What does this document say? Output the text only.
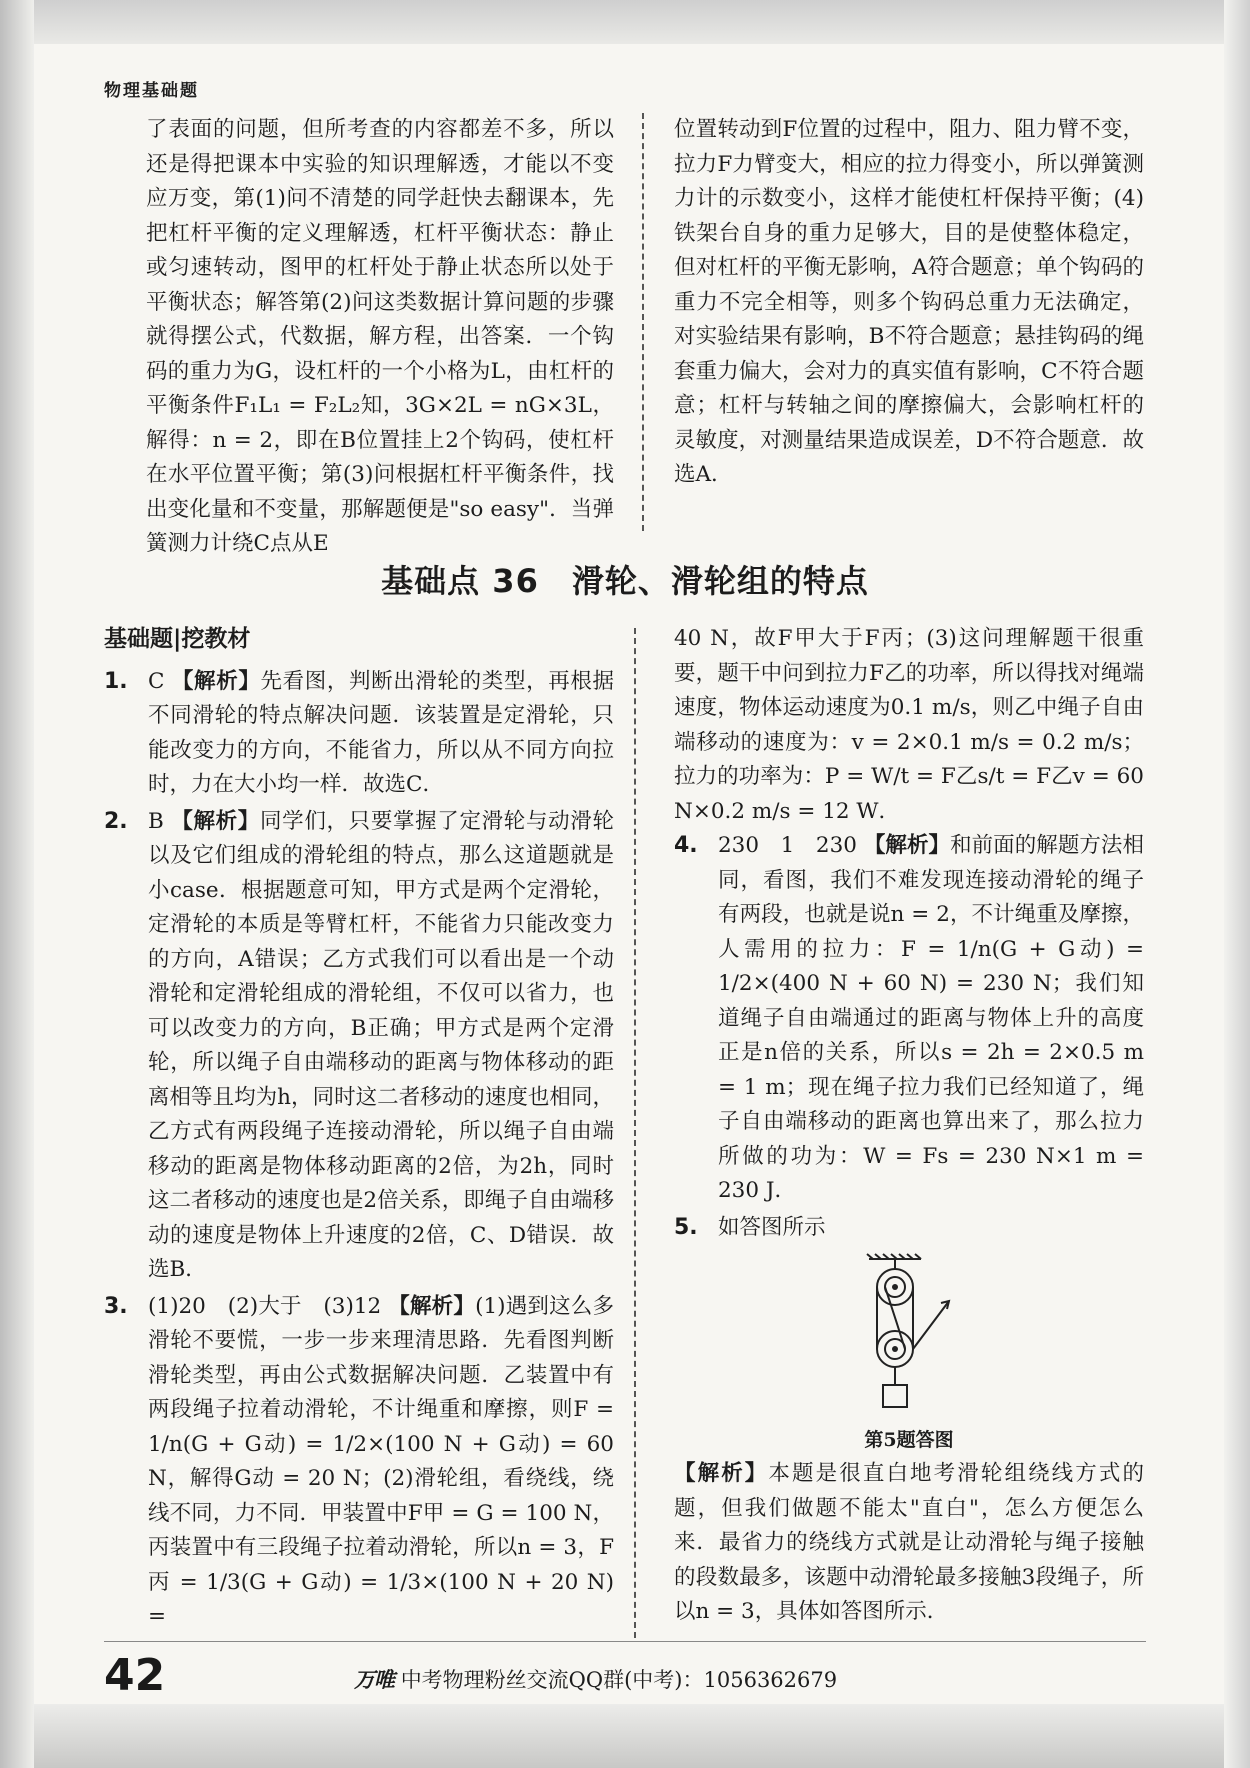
物理基础题

了表面的问题，但所考查的内容都差不多，所以还是得把课本中实验的知识理解透，才能以不变应万变，第(1)问不清楚的同学赶快去翻课本，先把杠杆平衡的定义理解透，杠杆平衡状态：静止或匀速转动，图甲的杠杆处于静止状态所以处于平衡状态；解答第(2)问这类数据计算问题的步骤就得摆公式，代数据，解方程，出答案．一个钩码的重力为G，设杠杆的一个小格为L，由杠杆的平衡条件F₁L₁ = F₂L₂知，3G×2L = nG×3L，解得：n = 2，即在B位置挂上2个钩码，使杠杆在水平位置平衡；第(3)问根据杠杆平衡条件，找出变化量和不变量，那解题便是"so easy"．当弹簧测力计绕C点从E

位置转动到F位置的过程中，阻力、阻力臂不变，拉力F力臂变大，相应的拉力得变小，所以弹簧测力计的示数变小，这样才能使杠杆保持平衡；(4)铁架台自身的重力足够大，目的是使整体稳定，但对杠杆的平衡无影响，A符合题意；单个钩码的重力不完全相等，则多个钩码总重力无法确定，对实验结果有影响，B不符合题意；悬挂钩码的绳套重力偏大，会对力的真实值有影响，C不符合题意；杠杆与转轴之间的摩擦偏大，会影响杠杆的灵敏度，对测量结果造成误差，D不符合题意．故选A．

基础点 36　滑轮、滑轮组的特点

基础题|挖教材

1. C 【解析】先看图，判断出滑轮的类型，再根据不同滑轮的特点解决问题．该装置是定滑轮，只能改变力的方向，不能省力，所以从不同方向拉时，力在大小均一样．故选C．

2. B 【解析】同学们，只要掌握了定滑轮与动滑轮以及它们组成的滑轮组的特点，那么这道题就是小case．根据题意可知，甲方式是两个定滑轮，定滑轮的本质是等臂杠杆，不能省力只能改变力的方向，A错误；乙方式我们可以看出是一个动滑轮和定滑轮组成的滑轮组，不仅可以省力，也可以改变力的方向，B正确；甲方式是两个定滑轮，所以绳子自由端移动的距离与物体移动的距离相等且均为h，同时这二者移动的速度也相同，乙方式有两段绳子连接动滑轮，所以绳子自由端移动的距离是物体移动距离的2倍，为2h，同时这二者移动的速度也是2倍关系，即绳子自由端移动的速度是物体上升速度的2倍，C、D错误．故选B．

3. (1)20　(2)大于　(3)12 【解析】(1)遇到这么多滑轮不要慌，一步一步来理清思路．先看图判断滑轮类型，再由公式数据解决问题．乙装置中有两段绳子拉着动滑轮，不计绳重和摩擦，则F = 1/n(G + G动) = 1/2×(100 N + G动) = 60 N，解得G动 = 20 N；(2)滑轮组，看绕线，绕线不同，力不同．甲装置中F甲 = G = 100 N，丙装置中有三段绳子拉着动滑轮，所以n = 3，F丙 = 1/3(G + G动) = 1/3×(100 N + 20 N) =

40 N，故F甲大于F丙；(3)这问理解题干很重要，题干中问到拉力F乙的功率，所以得找对绳端速度，物体运动速度为0.1 m/s，则乙中绳子自由端移动的速度为：v = 2×0.1 m/s = 0.2 m/s；拉力的功率为：P = W/t = F乙s/t = F乙v = 60 N×0.2 m/s = 12 W．

4. 230　1　230 【解析】和前面的解题方法相同，看图，我们不难发现连接动滑轮的绳子有两段，也就是说n = 2，不计绳重及摩擦，人需用的拉力：F = 1/n(G + G动) = 1/2×(400 N + 60 N) = 230 N；我们知道绳子自由端通过的距离与物体上升的高度正是n倍的关系，所以s = 2h = 2×0.5 m = 1 m；现在绳子拉力我们已经知道了，绳子自由端移动的距离也算出来了，那么拉力所做的功为：W = Fs = 230 N×1 m = 230 J．

5. 如答图所示

第5题答图

【解析】本题是很直白地考滑轮组绕线方式的题，但我们做题不能太"直白"，怎么方便怎么来．最省力的绕线方式就是让动滑轮与绳子接触的段数最多，该题中动滑轮最多接触3段绳子，所以n = 3，具体如答图所示．

42	万唯 中考物理粉丝交流QQ群(中考)：1056362679
